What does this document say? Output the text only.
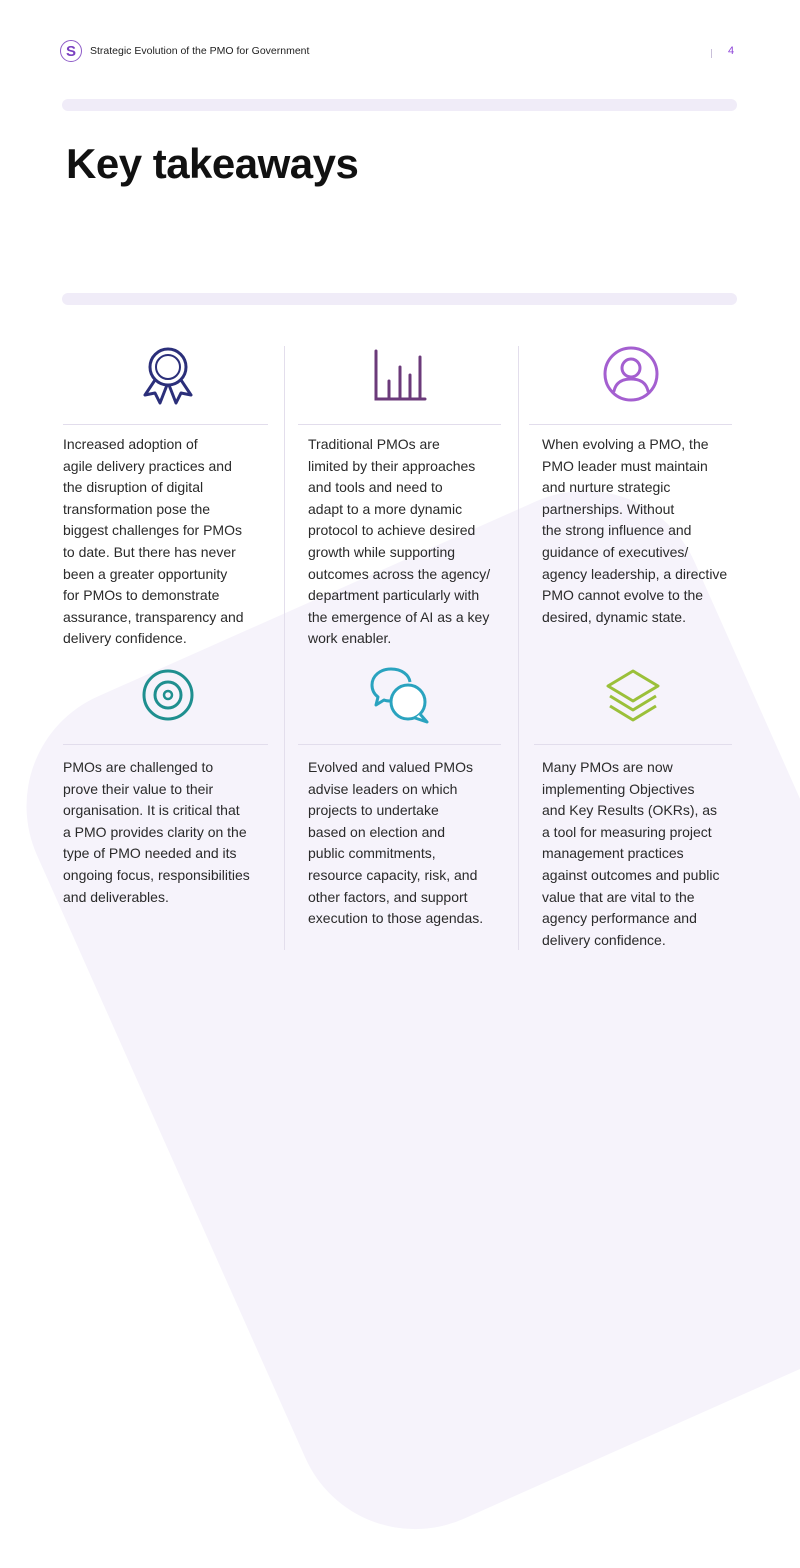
S	Strategic Evolution of the PMO for Government	4
Key takeaways
Increased adoption of
agile delivery practices and
the disruption of digital
transformation pose the
biggest challenges for PMOs
to date. But there has never
been a greater opportunity
for PMOs to demonstrate
assurance, transparency and
delivery confidence.
Traditional PMOs are
limited by their approaches
and tools and need to
adapt to a more dynamic
protocol to achieve desired
growth while supporting
outcomes across the agency/
department particularly with
the emergence of AI as a key
work enabler.
When evolving a PMO, the
PMO leader must maintain
and nurture strategic
partnerships. Without
the strong influence and
guidance of executives/
agency leadership, a directive
PMO cannot evolve to the
desired, dynamic state.
PMOs are challenged to
prove their value to their
organisation. It is critical that
a PMO provides clarity on the
type of PMO needed and its
ongoing focus, responsibilities
and deliverables.
Evolved and valued PMOs
advise leaders on which
projects to undertake
based on election and
public commitments,
resource capacity, risk, and
other factors, and support
execution to those agendas.
Many PMOs are now
implementing Objectives
and Key Results (OKRs), as
a tool for measuring project
management practices
against outcomes and public
value that are vital to the
agency performance and
delivery confidence.
